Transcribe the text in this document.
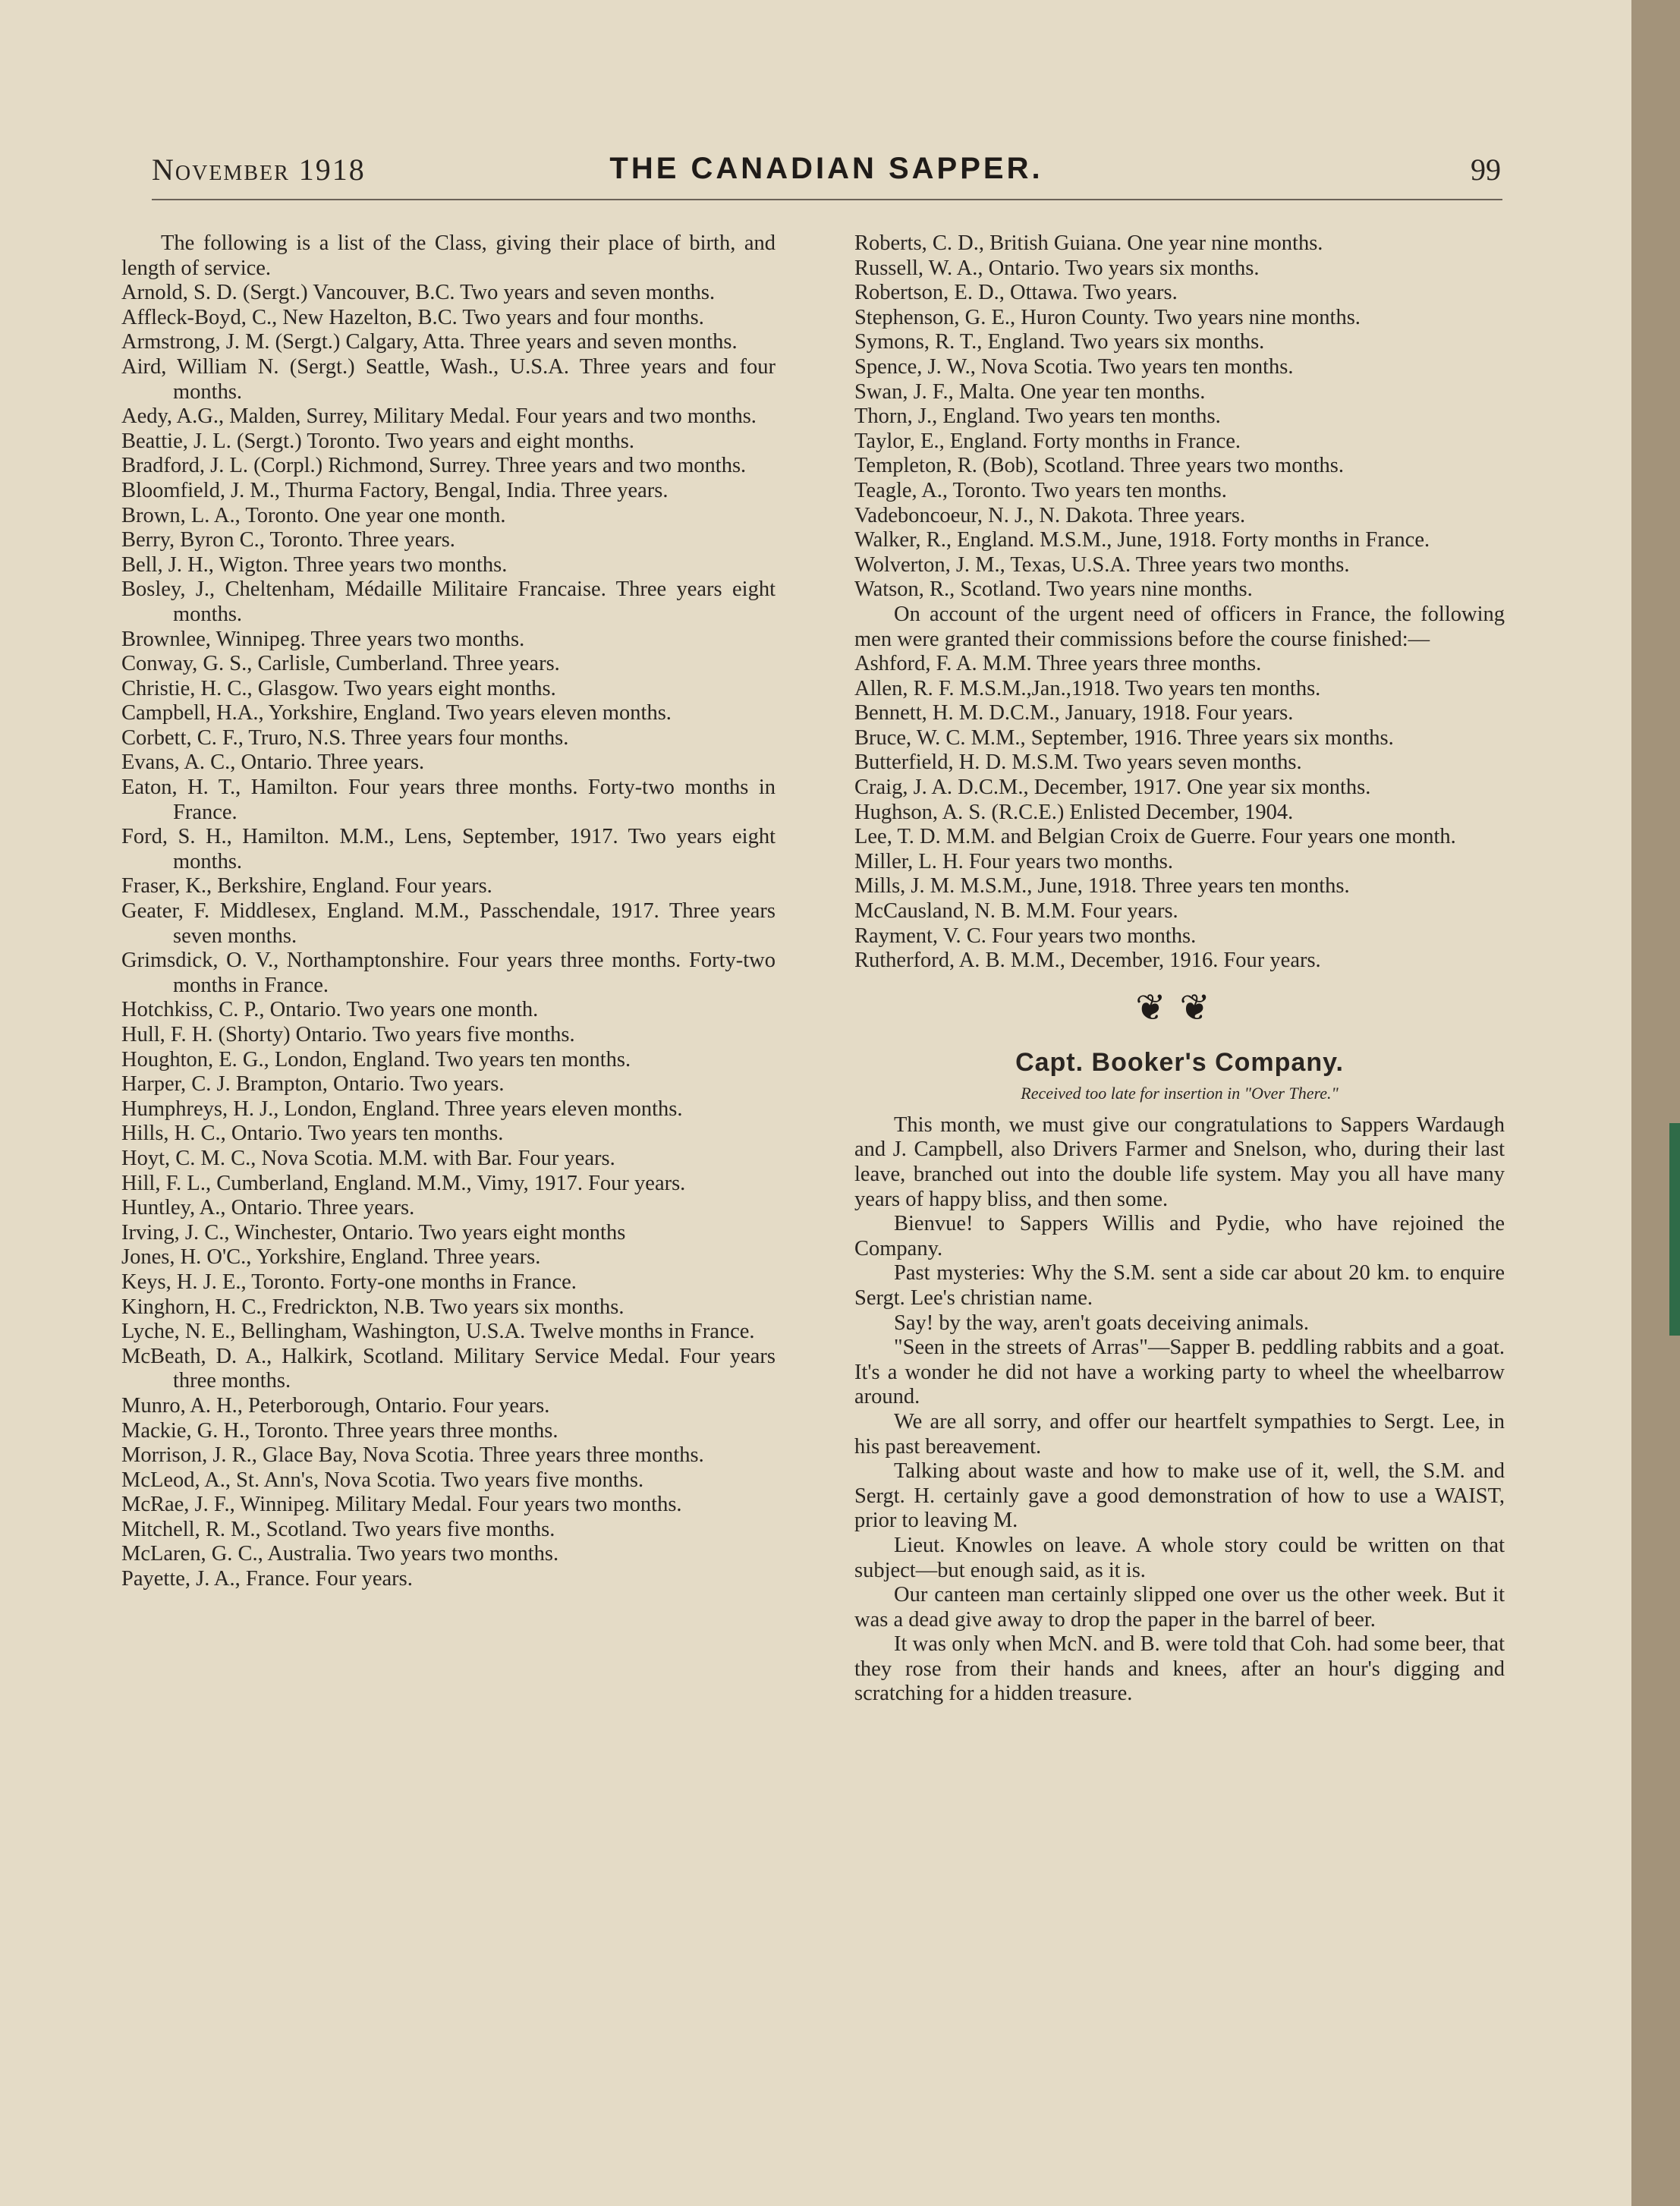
November 1918	THE CANADIAN SAPPER.	99

The following is a list of the Class, giving their place of birth, and length of service.

Arnold, S. D. (Sergt.) Vancouver, B.C. Two years and seven months.

Affleck-Boyd, C., New Hazelton, B.C. Two years and four months.

Armstrong, J. M. (Sergt.) Calgary, Atta. Three years and seven months.

Aird, William N. (Sergt.) Seattle, Wash., U.S.A. Three years and four months.

Aedy, A.G., Malden, Surrey, Military Medal. Four years and two months.

Beattie, J. L. (Sergt.) Toronto. Two years and eight months.

Bradford, J. L. (Corpl.) Richmond, Surrey. Three years and two months.

Bloomfield, J. M., Thurma Factory, Bengal, India. Three years.

Brown, L. A., Toronto. One year one month.

Berry, Byron C., Toronto. Three years.

Bell, J. H., Wigton. Three years two months.

Bosley, J., Cheltenham, Médaille Militaire Francaise. Three years eight months.

Brownlee, Winnipeg. Three years two months.

Conway, G. S., Carlisle, Cumberland. Three years.

Christie, H. C., Glasgow. Two years eight months.

Campbell, H.A., Yorkshire, England. Two years eleven months.

Corbett, C. F., Truro, N.S. Three years four months.

Evans, A. C., Ontario. Three years.

Eaton, H. T., Hamilton. Four years three months. Forty-two months in France.

Ford, S. H., Hamilton. M.M., Lens, September, 1917. Two years eight months.

Fraser, K., Berkshire, England. Four years.

Geater, F. Middlesex, England. M.M., Passchendale, 1917. Three years seven months.

Grimsdick, O. V., Northamptonshire. Four years three months. Forty-two months in France.

Hotchkiss, C. P., Ontario. Two years one month.

Hull, F. H. (Shorty) Ontario. Two years five months.

Houghton, E. G., London, England. Two years ten months.

Harper, C. J. Brampton, Ontario. Two years.

Humphreys, H. J., London, England. Three years eleven months.

Hills, H. C., Ontario. Two years ten months.

Hoyt, C. M. C., Nova Scotia. M.M. with Bar. Four years.

Hill, F. L., Cumberland, England. M.M., Vimy, 1917. Four years.

Huntley, A., Ontario. Three years.

Irving, J. C., Winchester, Ontario. Two years eight months

Jones, H. O'C., Yorkshire, England. Three years.

Keys, H. J. E., Toronto. Forty-one months in France.

Kinghorn, H. C., Fredrickton, N.B. Two years six months.

Lyche, N. E., Bellingham, Washington, U.S.A. Twelve months in France.

McBeath, D. A., Halkirk, Scotland. Military Service Medal. Four years three months.

Munro, A. H., Peterborough, Ontario. Four years.

Mackie, G. H., Toronto. Three years three months.

Morrison, J. R., Glace Bay, Nova Scotia. Three years three months.

McLeod, A., St. Ann's, Nova Scotia. Two years five months.

McRae, J. F., Winnipeg. Military Medal. Four years two months.

Mitchell, R. M., Scotland. Two years five months.

McLaren, G. C., Australia. Two years two months.

Payette, J. A., France. Four years.

Roberts, C. D., British Guiana. One year nine months.

Russell, W. A., Ontario. Two years six months.

Robertson, E. D., Ottawa. Two years.

Stephenson, G. E., Huron County. Two years nine months.

Symons, R. T., England. Two years six months.

Spence, J. W., Nova Scotia. Two years ten months.

Swan, J. F., Malta. One year ten months.

Thorn, J., England. Two years ten months.

Taylor, E., England. Forty months in France.

Templeton, R. (Bob), Scotland. Three years two months.

Teagle, A., Toronto. Two years ten months.

Vadeboncoeur, N. J., N. Dakota. Three years.

Walker, R., England. M.S.M., June, 1918. Forty months in France.

Wolverton, J. M., Texas, U.S.A. Three years two months.

Watson, R., Scotland. Two years nine months.

On account of the urgent need of officers in France, the following men were granted their commissions before the course finished:—

Ashford, F. A. M.M. Three years three months.

Allen, R. F. M.S.M.,Jan.,1918. Two years ten months.

Bennett, H. M. D.C.M., January, 1918. Four years.

Bruce, W. C. M.M., September, 1916. Three years six months.

Butterfield, H. D. M.S.M. Two years seven months.

Craig, J. A. D.C.M., December, 1917. One year six months.

Hughson, A. S. (R.C.E.) Enlisted December, 1904.

Lee, T. D. M.M. and Belgian Croix de Guerre. Four years one month.

Miller, L. H. Four years two months.

Mills, J. M. M.S.M., June, 1918. Three years ten months.

McCausland, N. B. M.M. Four years.

Rayment, V. C. Four years two months.

Rutherford, A. B. M.M., December, 1916. Four years.

❦❦

Capt. Booker's Company.

Received too late for insertion in "Over There."

This month, we must give our congratulations to Sappers Wardaugh and J. Campbell, also Drivers Farmer and Snelson, who, during their last leave, branched out into the double life system. May you all have many years of happy bliss, and then some.

Bienvue! to Sappers Willis and Pydie, who have rejoined the Company.

Past mysteries: Why the S.M. sent a side car about 20 km. to enquire Sergt. Lee's christian name.

Say! by the way, aren't goats deceiving animals.

"Seen in the streets of Arras"—Sapper B. peddling rabbits and a goat. It's a wonder he did not have a working party to wheel the wheelbarrow around.

We are all sorry, and offer our heartfelt sympathies to Sergt. Lee, in his past bereavement.

Talking about waste and how to make use of it, well, the S.M. and Sergt. H. certainly gave a good demonstration of how to use a WAIST, prior to leaving M.

Lieut. Knowles on leave. A whole story could be written on that subject—but enough said, as it is.

Our canteen man certainly slipped one over us the other week. But it was a dead give away to drop the paper in the barrel of beer.

It was only when McN. and B. were told that Coh. had some beer, that they rose from their hands and knees, after an hour's digging and scratching for a hidden treasure.
